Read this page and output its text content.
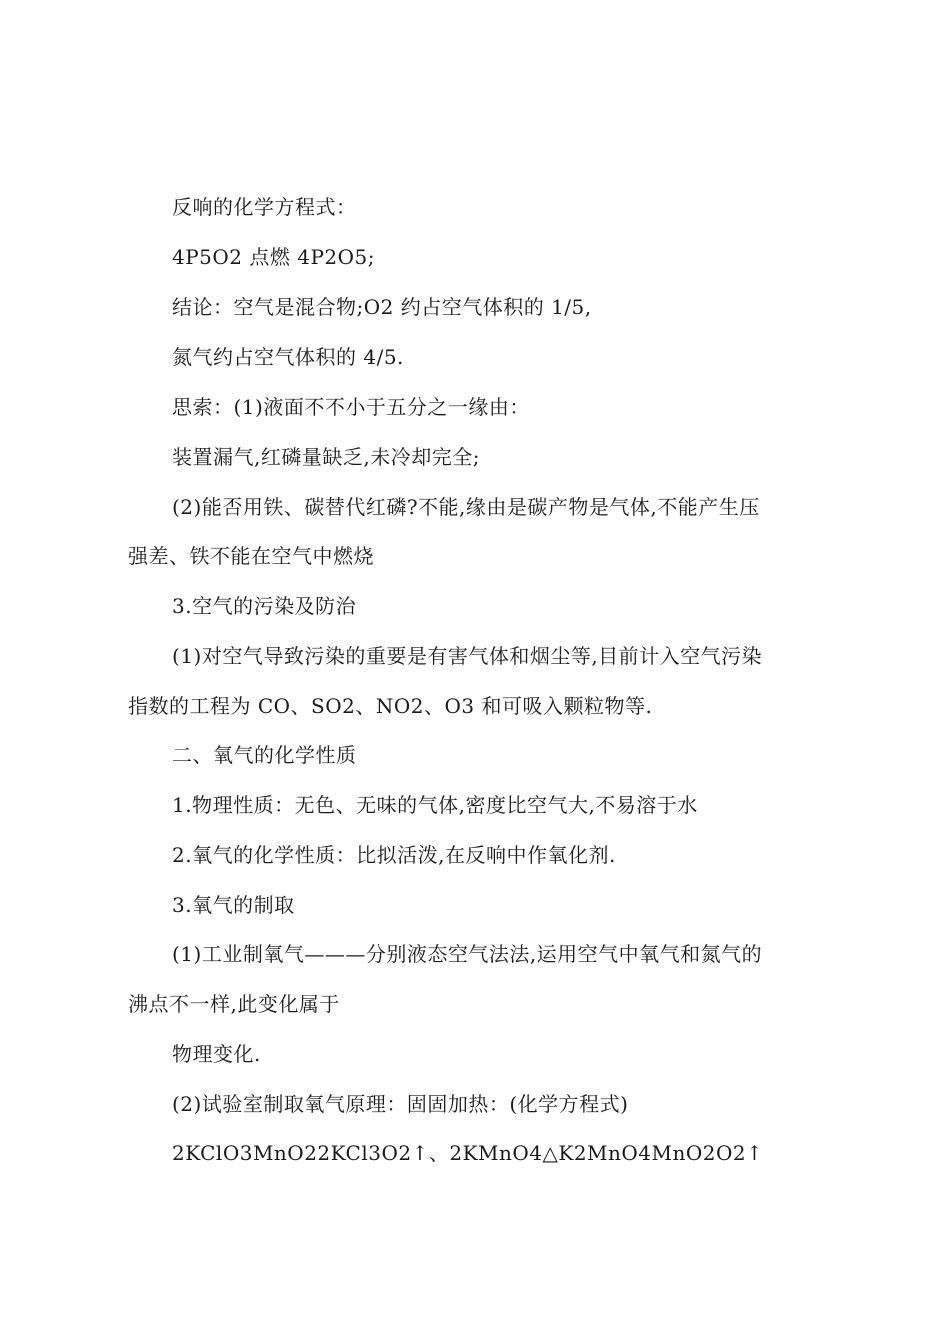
反响的化学方程式：
4P5O2 点燃 4P2O5;
结论：空气是混合物;O2 约占空气体积的 1/5,
氮气约占空气体积的 4/5.
思索：(1)液面不不小于五分之一缘由：
装置漏气,红磷量缺乏,未冷却完全;
(2)能否用铁、碳替代红磷?不能,缘由是碳产物是气体,不能产生压
强差、铁不能在空气中燃烧
3.空气的污染及防治
(1)对空气导致污染的重要是有害气体和烟尘等,目前计入空气污染
指数的工程为 CO、SO2、NO2、O3 和可吸入颗粒物等.
二、氧气的化学性质
1.物理性质：无色、无味的气体,密度比空气大,不易溶于水
2.氧气的化学性质：比拟活泼,在反响中作氧化剂.
3.氧气的制取
(1)工业制氧气———分别液态空气法法,运用空气中氧气和氮气的
沸点不一样,此变化属于
物理变化.
(2)试验室制取氧气原理：固固加热：(化学方程式)
2KClO3MnO22KCl3O2↑、2KMnO4△K2MnO4MnO2O2↑
